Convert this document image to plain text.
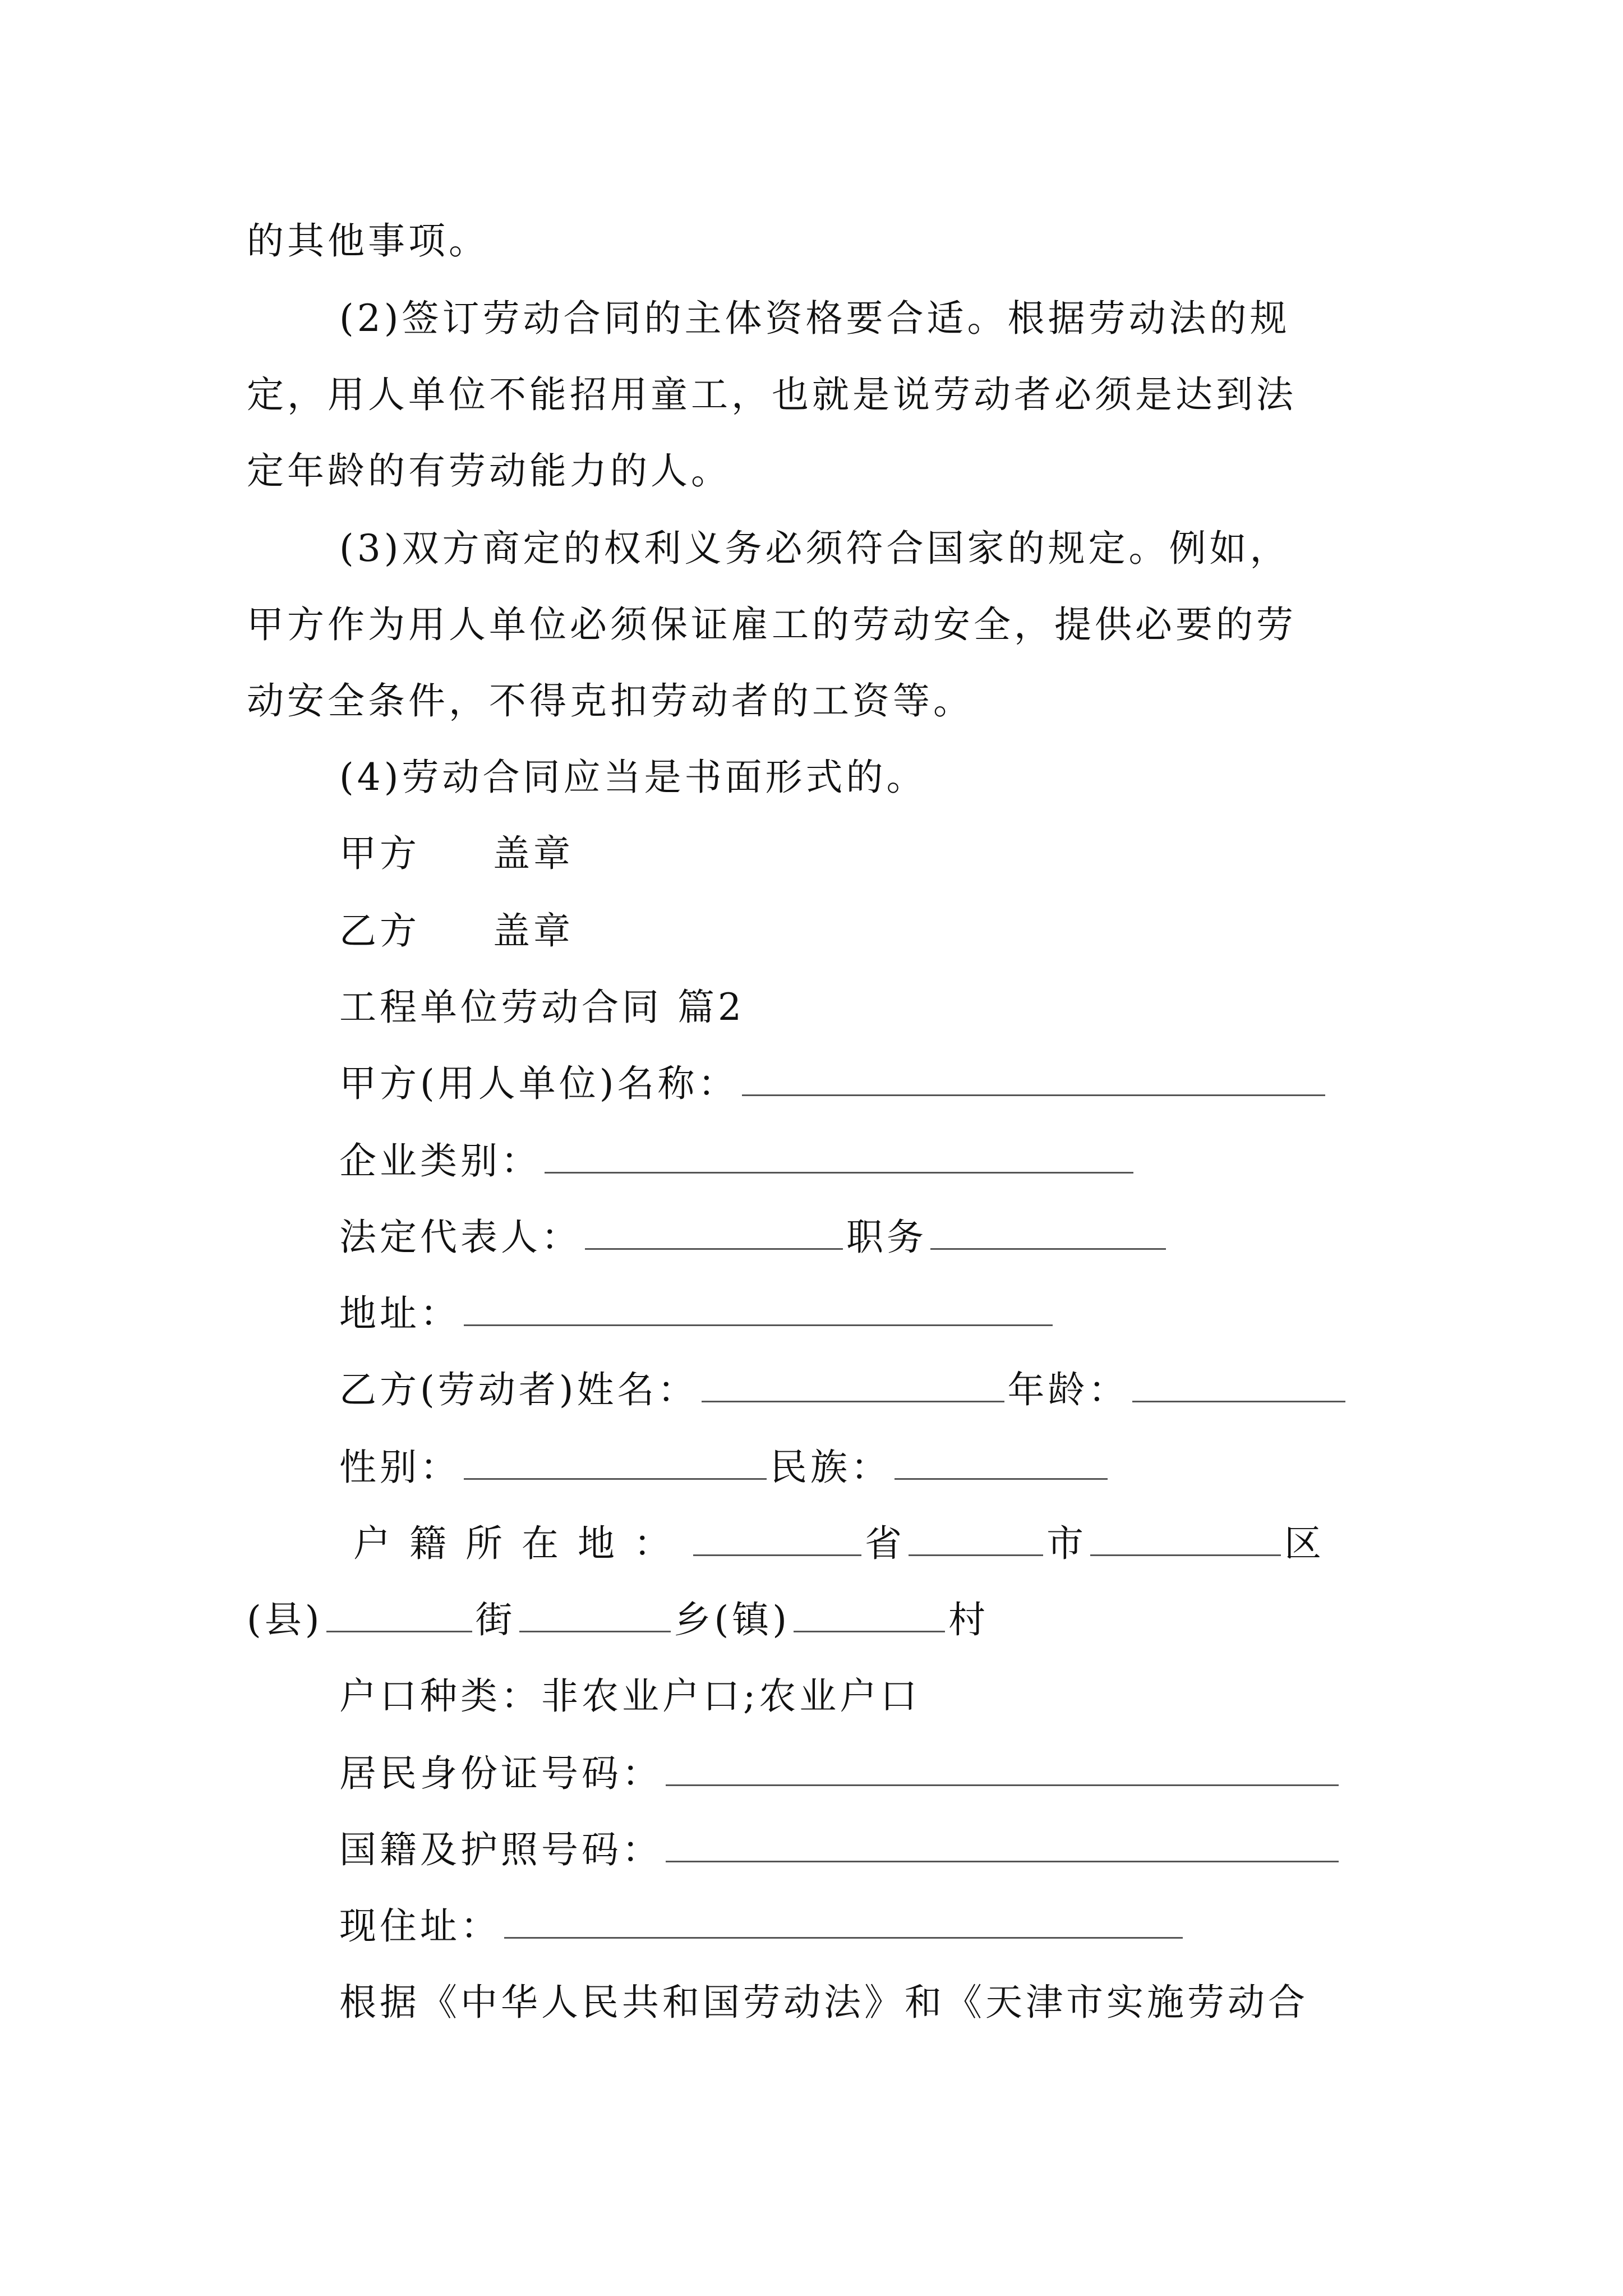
的其他事项。
(2)签订劳动合同的主体资格要合适。根据劳动法的规
定，用人单位不能招用童工，也就是说劳动者必须是达到法
定年龄的有劳动能力的人。
(3)双方商定的权利义务必须符合国家的规定。例如，
甲方作为用人单位必须保证雇工的劳动安全，提供必要的劳
动安全条件，不得克扣劳动者的工资等。
(4)劳动合同应当是书面形式的。
甲方 盖章
乙方 盖章
工程单位劳动合同 篇2
甲方(用人单位)名称：
企业类别：
法定代表人：	职务
地址：
乙方(劳动者)姓名：	年龄：
性别：	民族：
户籍所在地：	省	市	区
(县)	街	乡(镇)	村
户口种类：非农业户口;农业户口
居民身份证号码：
国籍及护照号码：
现住址：
根据《中华人民共和国劳动法》和《天津市实施劳动合
